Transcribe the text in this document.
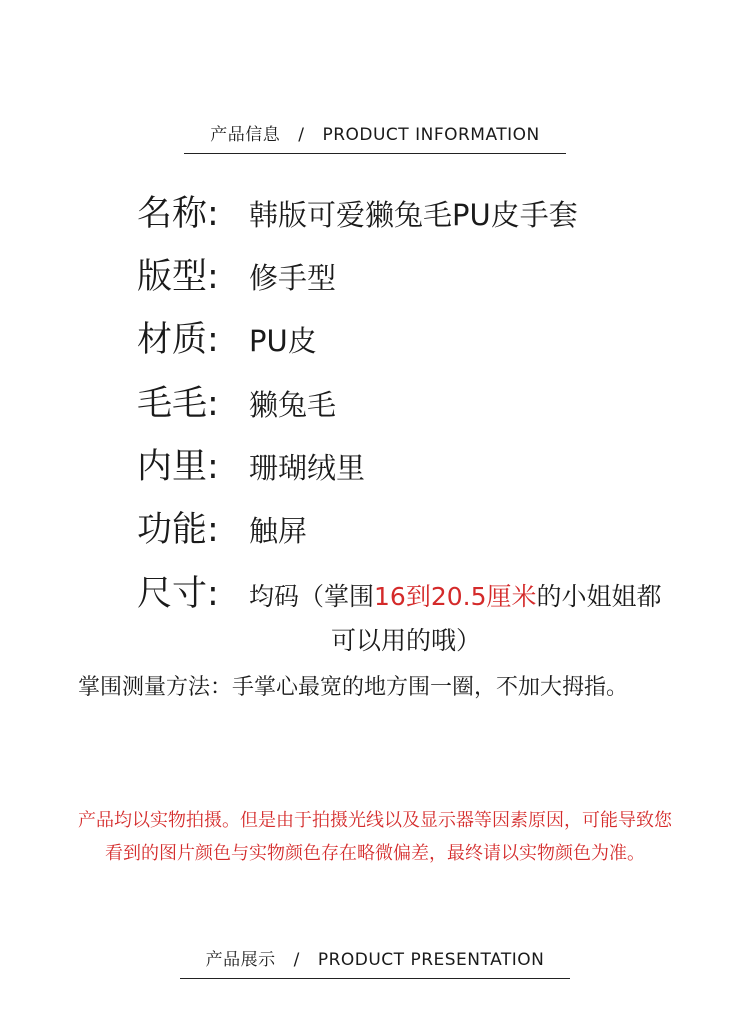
产品信息 / PRODUCT INFORMATION
名称:	韩版可爱獭兔毛PU皮手套
版型:	修手型
材质:	PU皮
毛毛:	獭兔毛
内里:	珊瑚绒里
功能:	触屏
尺寸:	均码（掌围16到20.5厘米的小姐姐都
可以用的哦）
掌围测量方法：手掌心最宽的地方围一圈，不加大拇指。
产品均以实物拍摄。但是由于拍摄光线以及显示器等因素原因，可能导致您
看到的图片颜色与实物颜色存在略微偏差，最终请以实物颜色为准。
产品展示 / PRODUCT PRESENTATION
